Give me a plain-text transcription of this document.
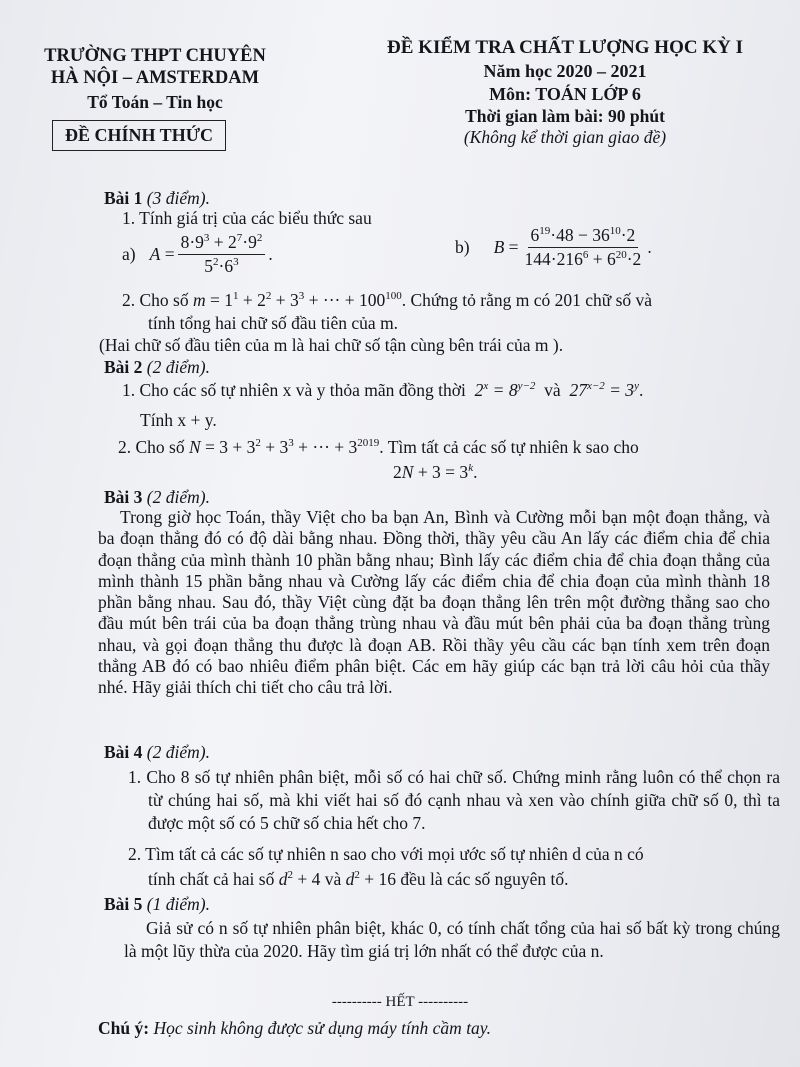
TRƯỜNG THPT CHUYÊN
HÀ NỘI – AMSTERDAM
Tổ Toán – Tin học
ĐỀ CHÍNH THỨC
ĐỀ KIỂM TRA CHẤT LƯỢNG HỌC KỲ I
Năm học 2020 – 2021
Môn: TOÁN LỚP 6
Thời gian làm bài: 90 phút
(Không kể thời gian giao đề)
Bài 1 (3 điểm).
1. Tính giá trị của các biểu thức sau
a) $A = \frac{8\cdot 9^3 + 2^7\cdot 9^2}{5^2\cdot 6^3}$ .	b) $B = \frac{6^{19}\cdot 48 - 36^{10}\cdot 2}{144\cdot 216^6 + 6^{20}\cdot 2}$ .
2. Cho số $m = 1^1 + 2^2 + 3^3$ + ··· + $100^{100}$. Chứng tỏ rằng m có 201 chữ số và
tính tổng hai chữ số đầu tiên của m.
(Hai chữ số đầu tiên của m là hai chữ số tận cùng bên trái của m ).
Bài 2 (2 điểm).
1. Cho các số tự nhiên x và y thỏa mãn đồng thời $2^x = 8^{y-2}$ và $27^{x-2} = 3^y$.
Tính x + y.
2. Cho số $N = 3 + 3^2 + 3^3$ + ··· + $3^{2019}$. Tìm tất cả các số tự nhiên k sao cho
$2N + 3 = 3^k$.
Bài 3 (2 điểm).
Trong giờ học Toán, thầy Việt cho ba bạn An, Bình và Cường mỗi bạn một đoạn thẳng, và ba đoạn thẳng đó có độ dài bằng nhau. Đồng thời, thầy yêu cầu An lấy các điểm chia để chia đoạn thẳng của mình thành 10 phần bằng nhau; Bình lấy các điểm chia để chia đoạn thẳng của mình thành 15 phần bằng nhau và Cường lấy các điểm chia để chia đoạn của mình thành 18 phần bằng nhau. Sau đó, thầy Việt cùng đặt ba đoạn thẳng lên trên một đường thẳng sao cho đầu mút bên trái của ba đoạn thẳng trùng nhau và đầu mút bên phải của ba đoạn thẳng trùng nhau, và gọi đoạn thẳng thu được là đoạn AB. Rồi thầy yêu cầu các bạn tính xem trên đoạn thẳng AB đó có bao nhiêu điểm phân biệt. Các em hãy giúp các bạn trả lời câu hỏi của thầy nhé. Hãy giải thích chi tiết cho câu trả lời.
Bài 4 (2 điểm).
1. Cho 8 số tự nhiên phân biệt, mỗi số có hai chữ số. Chứng minh rằng luôn có thể chọn ra từ chúng hai số, mà khi viết hai số đó cạnh nhau và xen vào chính giữa chữ số 0, thì ta được một số có 5 chữ số chia hết cho 7.
2. Tìm tất cả các số tự nhiên n sao cho với mọi ước số tự nhiên d của n có
tính chất cả hai số $d^2 + 4$ và $d^2 + 16$ đều là các số nguyên tố.
Bài 5 (1 điểm).
Giả sử có n số tự nhiên phân biệt, khác 0, có tính chất tổng của hai số bất kỳ trong chúng là một lũy thừa của 2020. Hãy tìm giá trị lớn nhất có thể được của n.
---------- HẾT ----------
Chú ý: Học sinh không được sử dụng máy tính cầm tay.
